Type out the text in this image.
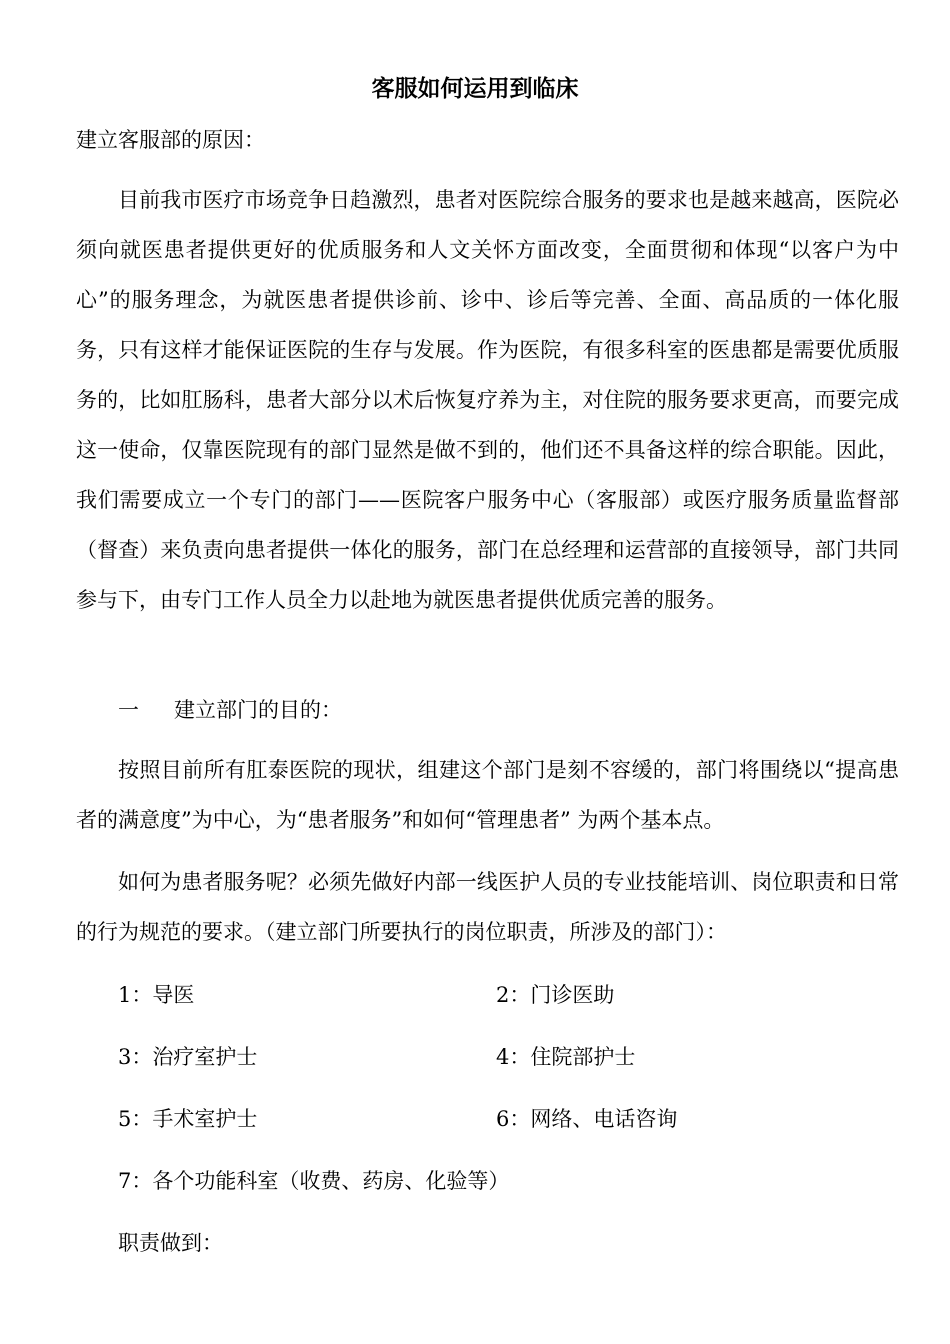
客服如何运用到临床
建立客服部的原因：
目前我市医疗市场竞争日趋激烈，患者对医院综合服务的要求也是越来越高，医院必须向就医患者提供更好的优质服务和人文关怀方面改变，全面贯彻和体现“以客户为中心”的服务理念，为就医患者提供诊前、诊中、诊后等完善、全面、高品质的一体化服务，只有这样才能保证医院的生存与发展。作为医院，有很多科室的医患都是需要优质服务的，比如肛肠科，患者大部分以术后恢复疗养为主，对住院的服务要求更高，而要完成这一使命，仅靠医院现有的部门显然是做不到的，他们还不具备这样的综合职能。因此，我们需要成立一个专门的部门——医院客户服务中心（客服部）或医疗服务质量监督部（督查）来负责向患者提供一体化的服务，部门在总经理和运营部的直接领导，部门共同参与下，由专门工作人员全力以赴地为就医患者提供优质完善的服务。
一 建立部门的目的：
按照目前所有肛泰医院的现状，组建这个部门是刻不容缓的，部门将围绕以“提高患者的满意度”为中心，为“患者服务”和如何“管理患者” 为两个基本点。
如何为患者服务呢？必须先做好内部一线医护人员的专业技能培训、岗位职责和日常的行为规范的要求。（建立部门所要执行的岗位职责，所涉及的部门）：
1：导医	2：门诊医助
3：治疗室护士	4：住院部护士
5：手术室护士	6：网络、电话咨询
7：各个功能科室（收费、药房、化验等）
职责做到：
